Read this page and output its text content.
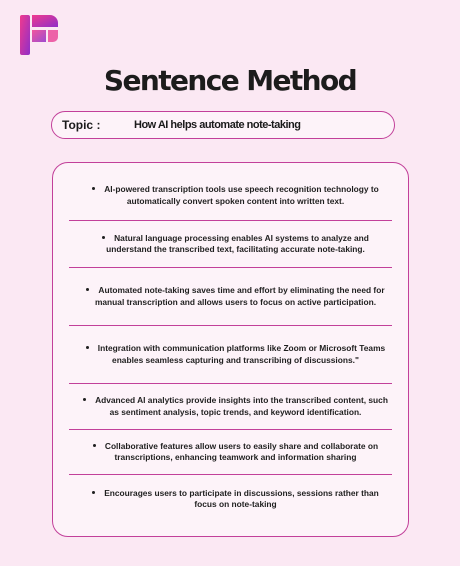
Sentence Method
Topic :	How AI helps automate note-taking

AI-powered transcription tools use speech recognition technology to automatically convert spoken content into written text.

Natural language processing enables AI systems to analyze and understand the transcribed text, facilitating accurate note-taking.

Automated note-taking saves time and effort by eliminating the need for manual transcription and allows users to focus on active participation.

Integration with communication platforms like Zoom or Microsoft Teams enables seamless capturing and transcribing of discussions."

Advanced AI analytics provide insights into the transcribed content, such as sentiment analysis, topic trends, and keyword identification.

Collaborative features allow users to easily share and collaborate on transcriptions, enhancing teamwork and information sharing

Encourages users to participate in discussions, sessions rather than focus on note-taking
